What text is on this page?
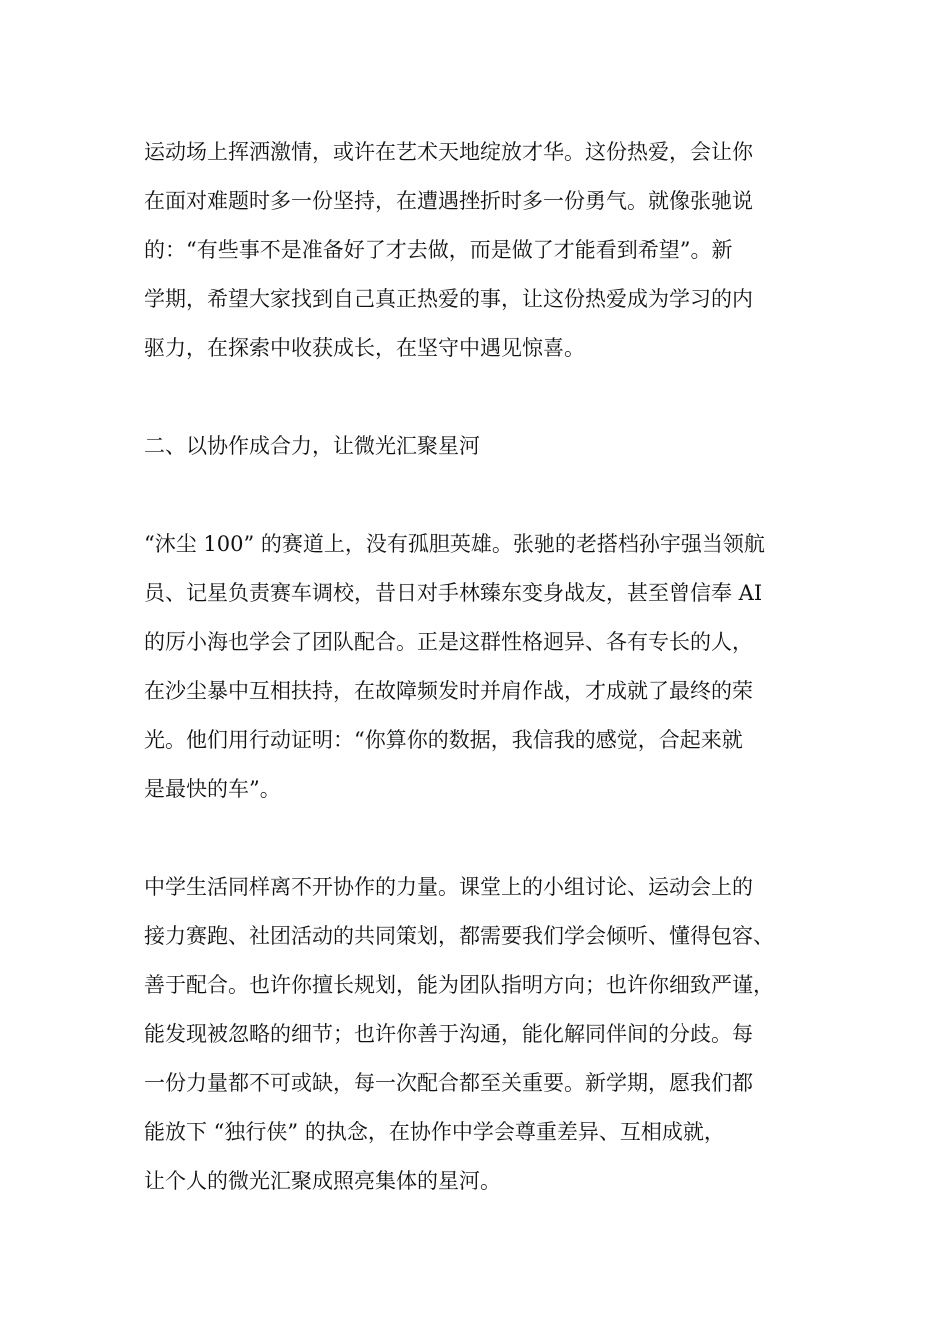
运动场上挥洒激情，或许在艺术天地绽放才华。这份热爱，会让你
在面对难题时多一份坚持，在遭遇挫折时多一份勇气。就像张驰说
的：“有些事不是准备好了才去做，而是做了才能看到希望”。新
学期，希望大家找到自己真正热爱的事，让这份热爱成为学习的内
驱力，在探索中收获成长，在坚守中遇见惊喜。
二、以协作成合力，让微光汇聚星河
“沐尘 100” 的赛道上，没有孤胆英雄。张驰的老搭档孙宇强当领航
员、记星负责赛车调校，昔日对手林臻东变身战友，甚至曾信奉 AI
的厉小海也学会了团队配合。正是这群性格迥异、各有专长的人，
在沙尘暴中互相扶持，在故障频发时并肩作战，才成就了最终的荣
光。他们用行动证明：“你算你的数据，我信我的感觉，合起来就
是最快的车”。
中学生活同样离不开协作的力量。课堂上的小组讨论、运动会上的
接力赛跑、社团活动的共同策划，都需要我们学会倾听、懂得包容、
善于配合。也许你擅长规划，能为团队指明方向；也许你细致严谨，
能发现被忽略的细节；也许你善于沟通，能化解同伴间的分歧。每
一份力量都不可或缺，每一次配合都至关重要。新学期，愿我们都
能放下 “独行侠” 的执念，在协作中学会尊重差异、互相成就，
让个人的微光汇聚成照亮集体的星河。
